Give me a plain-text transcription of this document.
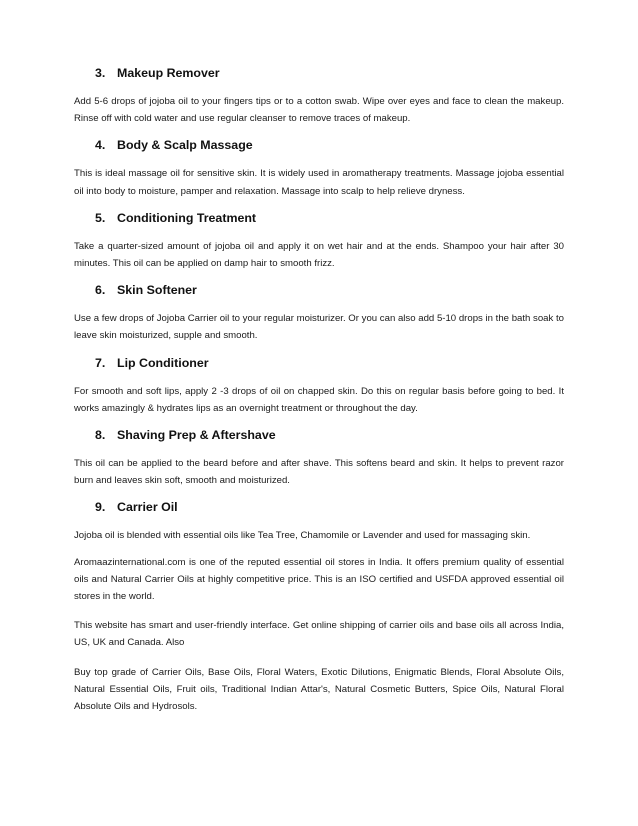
3. Makeup Remover

Add 5-6 drops of jojoba oil to your fingers tips or to a cotton swab. Wipe over eyes and face to clean the makeup. Rinse off with cold water and use regular cleanser to remove traces of makeup.

4. Body & Scalp Massage

This is ideal massage oil for sensitive skin. It is widely used in aromatherapy treatments. Massage jojoba essential oil into body to moisture, pamper and relaxation. Massage into scalp to help relieve dryness.

5. Conditioning Treatment

Take a quarter-sized amount of jojoba oil and apply it on wet hair and at the ends. Shampoo your hair after 30 minutes. This oil can be applied on damp hair to smooth frizz.

6. Skin Softener

Use a few drops of Jojoba Carrier oil to your regular moisturizer. Or you can also add 5-10 drops in the bath soak to leave skin moisturized, supple and smooth.

7. Lip Conditioner

For smooth and soft lips, apply 2 -3 drops of oil on chapped skin. Do this on regular basis before going to bed. It works amazingly & hydrates lips as an overnight treatment or throughout the day.

8. Shaving Prep & Aftershave

This oil can be applied to the beard before and after shave. This softens beard and skin. It helps to prevent razor burn and leaves skin soft, smooth and moisturized.

9. Carrier Oil

Jojoba oil is blended with essential oils like Tea Tree, Chamomile or Lavender and used for massaging skin.

Aromaazinternational.com is one of the reputed essential oil stores in India. It offers premium quality of essential oils and Natural Carrier Oils at highly competitive price. This is an ISO certified and USFDA approved essential oil stores in the world.

This website has smart and user-friendly interface. Get online shipping of carrier oils and base oils all across India, US, UK and Canada. Also

Buy top grade of Carrier Oils, Base Oils, Floral Waters, Exotic Dilutions, Enigmatic Blends, Floral Absolute Oils, Natural Essential Oils, Fruit oils, Traditional Indian Attar's, Natural Cosmetic Butters, Spice Oils, Natural Floral Absolute Oils and Hydrosols.
